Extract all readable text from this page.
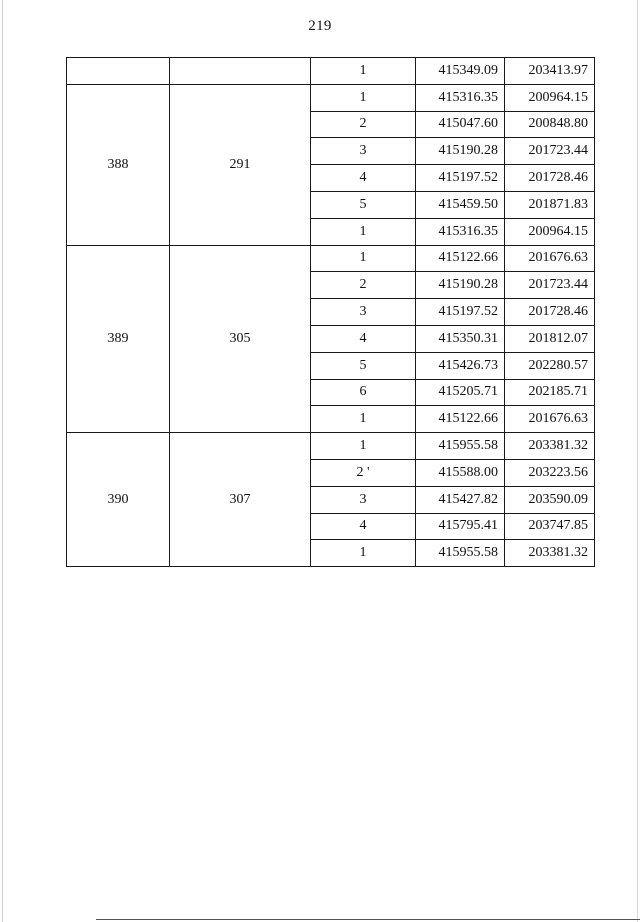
219
		1	415349.09	203413.97
388	291	1	415316.35	200964.15
		2	415047.60	200848.80
		3	415190.28	201723.44
		4	415197.52	201728.46
		5	415459.50	201871.83
		1	415316.35	200964.15
389	305	1	415122.66	201676.63
		2	415190.28	201723.44
		3	415197.52	201728.46
		4	415350.31	201812.07
		5	415426.73	202280.57
		6	415205.71	202185.71
		1	415122.66	201676.63
390	307	1	415955.58	203381.32
		2 '	415588.00	203223.56
		3	415427.82	203590.09
		4	415795.41	203747.85
		1	415955.58	203381.32
